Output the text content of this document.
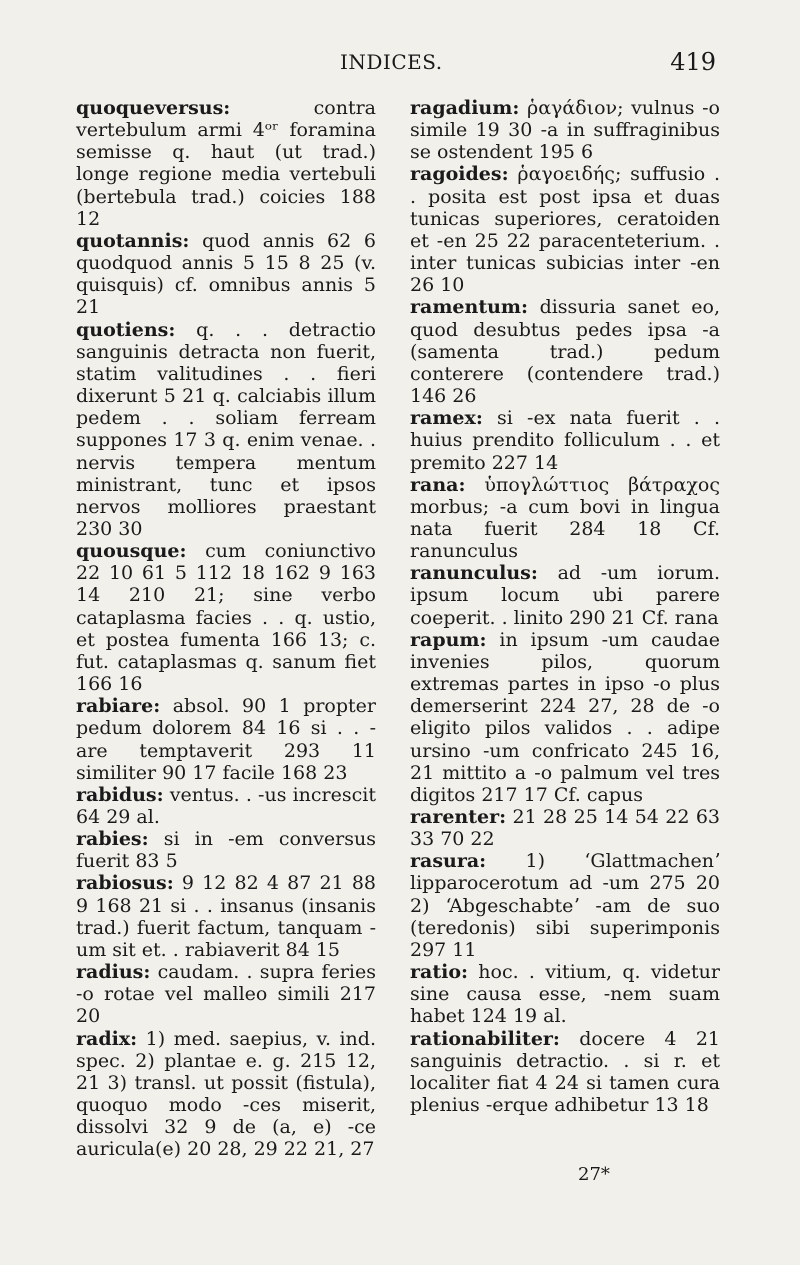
INDICES.	419

quoqueversus: contra vertebulum armi 4ᵒʳ foramina semisse q. haut (ut trad.) longe regione media vertebuli (bertebula trad.) coicies 188 12

quotannis: quod annis 62 6 quodquod annis 5 15 8 25 (v. quisquis) cf. omnibus annis 5 21

quotiens: q. . . detractio sanguinis detracta non fuerit, statim valitudines . . fieri dixerunt 5 21 q. calciabis illum pedem . . soliam ferream suppones 17 3 q. enim venae. . nervis tempera mentum ministrant, tunc et ipsos nervos molliores praestant 230 30

quousque: cum coniunctivo 22 10 61 5 112 18 162 9 163 14 210 21; sine verbo cataplasma facies . . q. ustio, et postea fumenta 166 13; c. fut. cataplasmas q. sanum fiet 166 16

rabiare: absol. 90 1 propter pedum dolorem 84 16 si . . -are temptaverit 293 11 similiter 90 17 facile 168 23

rabidus: ventus. . -us increscit 64 29 al.

rabies: si in -em conversus fuerit 83 5

rabiosus: 9 12 82 4 87 21 88 9 168 21 si . . insanus (insanis trad.) fuerit factum, tanquam -um sit et. . rabiaverit 84 15

radius: caudam. . supra feries -o rotae vel malleo simili 217 20

radix: 1) med. saepius, v. ind. spec. 2) plantae e. g. 215 12, 21 3) transl. ut possit (fistula), quoquo modo -ces miserit, dissolvi 32 9 de (a, e) -ce auricula(e) 20 28, 29 22 21, 27

ragadium: ῥαγάδιον; vulnus -o simile 19 30 -a in suffraginibus se ostendent 195 6

ragoides: ῥαγοειδής; suffusio . . posita est post ipsa et duas tunicas superiores, ceratoiden et -en 25 22 paracenteterium. . inter tunicas subicias inter -en 26 10

ramentum: dissuria sanet eo, quod desubtus pedes ipsa -a (samenta trad.) pedum conterere (contendere trad.) 146 26

ramex: si -ex nata fuerit . . huius prendito folliculum . . et premito 227 14

rana: ὑπογλώττιος βάτραχος morbus; -a cum bovi in lingua nata fuerit 284 18 Cf. ranunculus

ranunculus: ad -um iorum. ipsum locum ubi parere coeperit. . linito 290 21 Cf. rana

rapum: in ipsum -um caudae invenies pilos, quorum extremas partes in ipso -o plus demerserint 224 27, 28 de -o eligito pilos validos . . adipe ursino -um confricato 245 16, 21 mittito a -o palmum vel tres digitos 217 17 Cf. capus

rarenter: 21 28 25 14 54 22 63 33 70 22

rasura: 1) ʻGlattmachenʼ lipparocerotum ad -um 275 20 2) ʻAbgeschabteʼ -am de suo (teredonis) sibi superimponis 297 11

ratio: hoc. . vitium, q. videtur sine causa esse, -nem suam habet 124 19 al.

rationabiliter: docere 4 21 sanguinis detractio. . si r. et localiter fiat 4 24 si tamen cura plenius -erque adhibetur 13 18

27*
